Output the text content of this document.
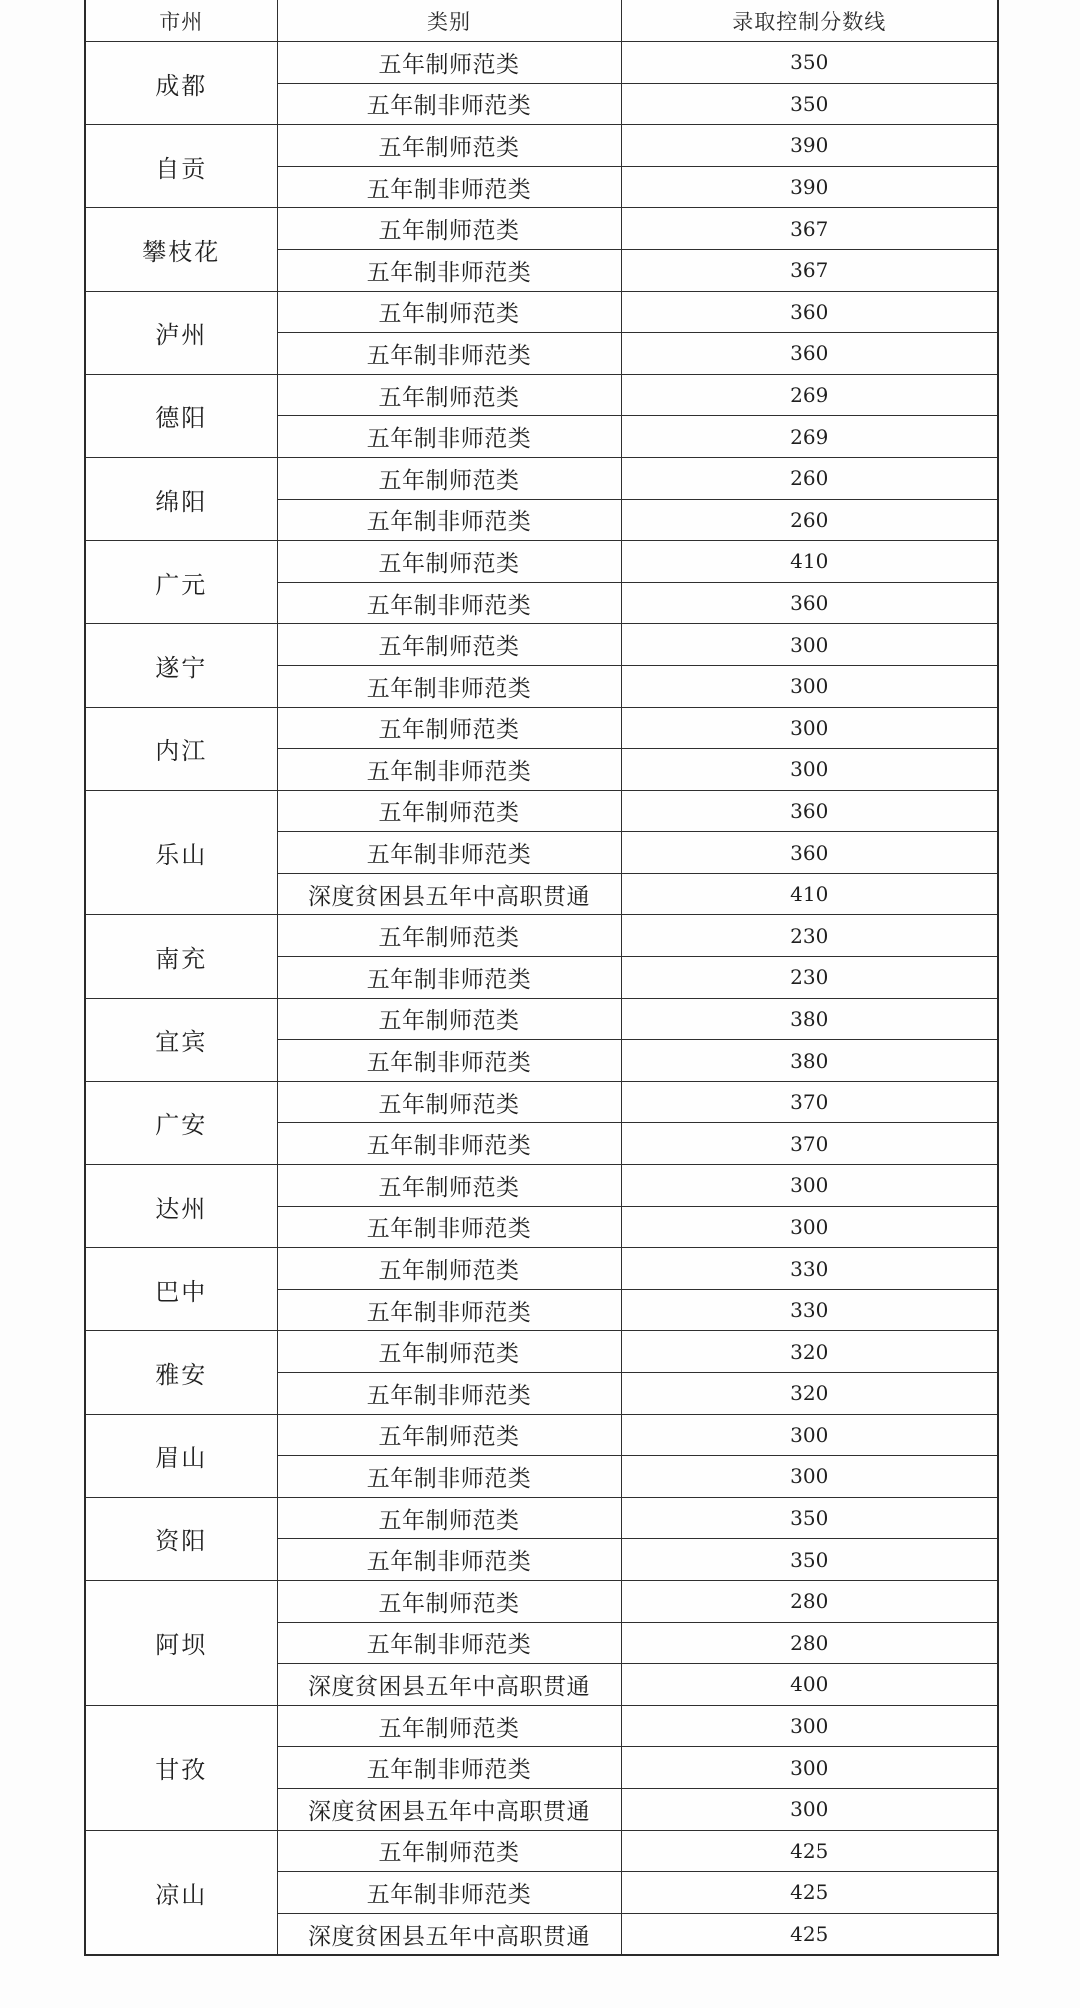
市州	类别	录取控制分数线
成都	五年制师范类	350
	五年制非师范类	350
自贡	五年制师范类	390
	五年制非师范类	390
攀枝花	五年制师范类	367
	五年制非师范类	367
泸州	五年制师范类	360
	五年制非师范类	360
德阳	五年制师范类	269
	五年制非师范类	269
绵阳	五年制师范类	260
	五年制非师范类	260
广元	五年制师范类	410
	五年制非师范类	360
遂宁	五年制师范类	300
	五年制非师范类	300
内江	五年制师范类	300
	五年制非师范类	300
乐山	五年制师范类	360
	五年制非师范类	360
	深度贫困县五年中高职贯通	410
南充	五年制师范类	230
	五年制非师范类	230
宜宾	五年制师范类	380
	五年制非师范类	380
广安	五年制师范类	370
	五年制非师范类	370
达州	五年制师范类	300
	五年制非师范类	300
巴中	五年制师范类	330
	五年制非师范类	330
雅安	五年制师范类	320
	五年制非师范类	320
眉山	五年制师范类	300
	五年制非师范类	300
资阳	五年制师范类	350
	五年制非师范类	350
阿坝	五年制师范类	280
	五年制非师范类	280
	深度贫困县五年中高职贯通	400
甘孜	五年制师范类	300
	五年制非师范类	300
	深度贫困县五年中高职贯通	300
凉山	五年制师范类	425
	五年制非师范类	425
	深度贫困县五年中高职贯通	425
